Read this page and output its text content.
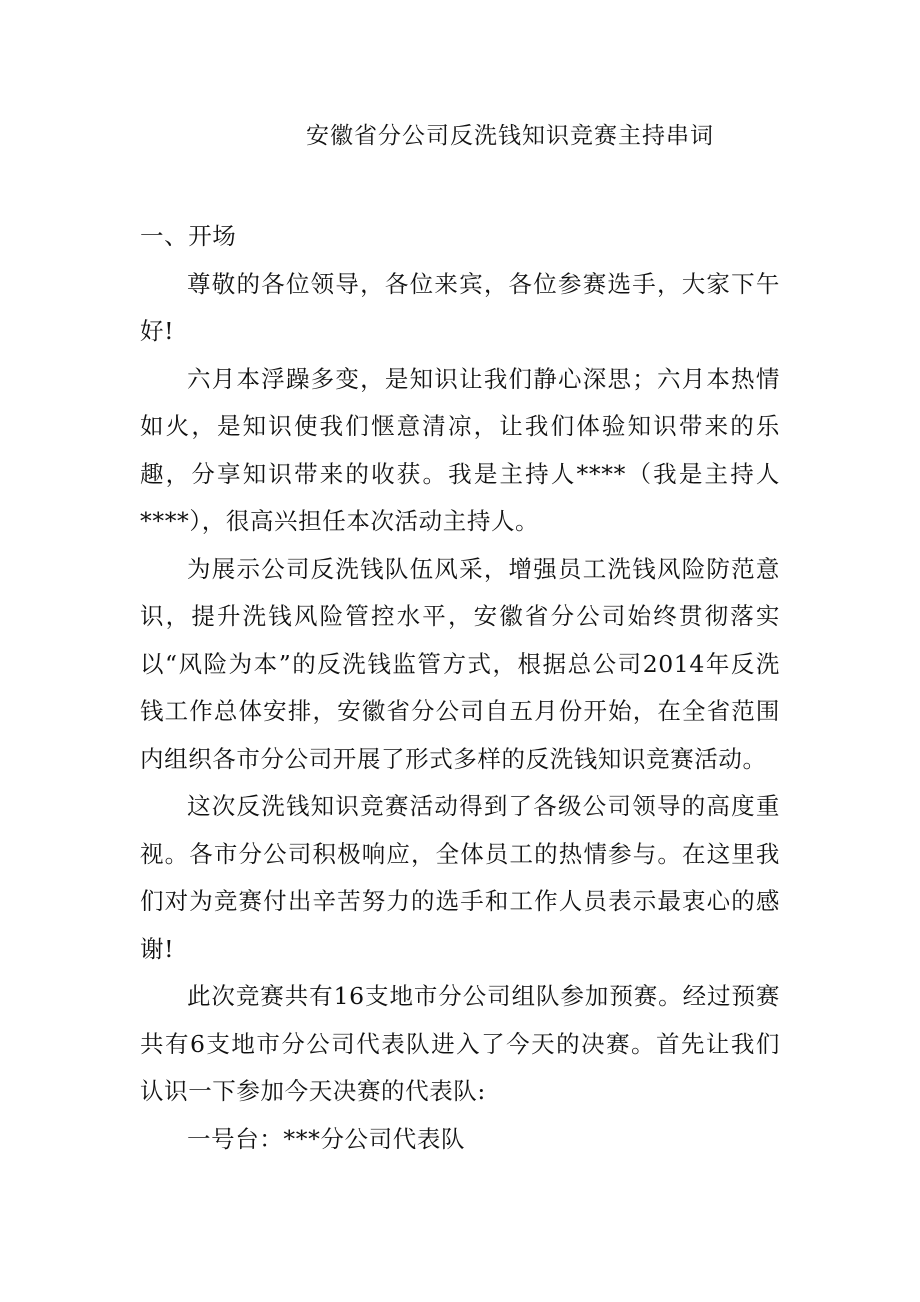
安徽省分公司反洗钱知识竞赛主持串词
一、开场

尊敬的各位领导，各位来宾，各位参赛选手，大家下午好!

六月本浮躁多变，是知识让我们静心深思；六月本热情如火，是知识使我们惬意清凉，让我们体验知识带来的乐趣，分享知识带来的收获。我是主持人****（我是主持人****），很高兴担任本次活动主持人。

为展示公司反洗钱队伍风采，增强员工洗钱风险防范意识，提升洗钱风险管控水平，安徽省分公司始终贯彻落实以“风险为本”的反洗钱监管方式，根据总公司2014年反洗钱工作总体安排，安徽省分公司自五月份开始，在全省范围内组织各市分公司开展了形式多样的反洗钱知识竞赛活动。

这次反洗钱知识竞赛活动得到了各级公司领导的高度重视。各市分公司积极响应，全体员工的热情参与。在这里我们对为竞赛付出辛苦努力的选手和工作人员表示最衷心的感谢!

此次竞赛共有16支地市分公司组队参加预赛。经过预赛共有6支地市分公司代表队进入了今天的决赛。首先让我们认识一下参加今天决赛的代表队:

一号台：***分公司代表队
